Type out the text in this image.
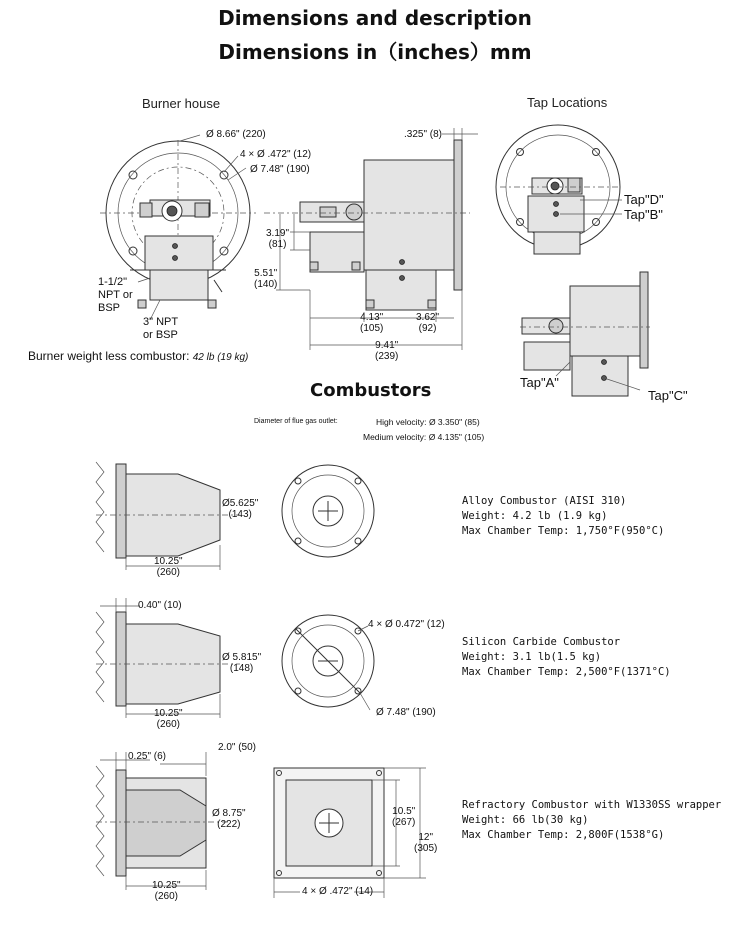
Dimensions and description
Dimensions in（inches）mm
Burner house	Tap Locations
Ø 8.66" (220)
4 × Ø .472" (12)
Ø 7.48" (190)
.325" (8)
3.19"
(81)
5.51"
(140)
4.13"
(105)
3.62"
(92)
9.41"
(239)
1-1/2"
NPT or
BSP
3" NPT
or BSP
Burner weight less combustor: 42 lb (19 kg)
Tap"D"
Tap"B"
Tap"A"
Tap"C"
Combustors
Diameter of flue gas outlet:	High velocity: Ø 3.350" (85)
Medium velocity: Ø 4.135" (105)
Ø5.625"
(143)
10.25"
(260)
Alloy Combustor (AISI 310)
Weight: 4.2 lb (1.9 kg)
Max Chamber Temp: 1,750°F(950°C)
0.40" (10)
Ø 5.815"
(148)
10.25"
(260)
4 × Ø 0.472" (12)
Ø 7.48" (190)
Silicon Carbide Combustor
Weight: 3.1 lb(1.5 kg)
Max Chamber Temp: 2,500°F(1371°C)
0.25" (6)
2.0" (50)
Ø 8.75"
(222)
10.25"
(260)
10.5"
(267)
12"
(305)
4 × Ø .472" (14)
Refractory Combustor with W1330SS wrapper
Weight: 66 lb(30 kg)
Max Chamber Temp: 2,800F(1538°G)
